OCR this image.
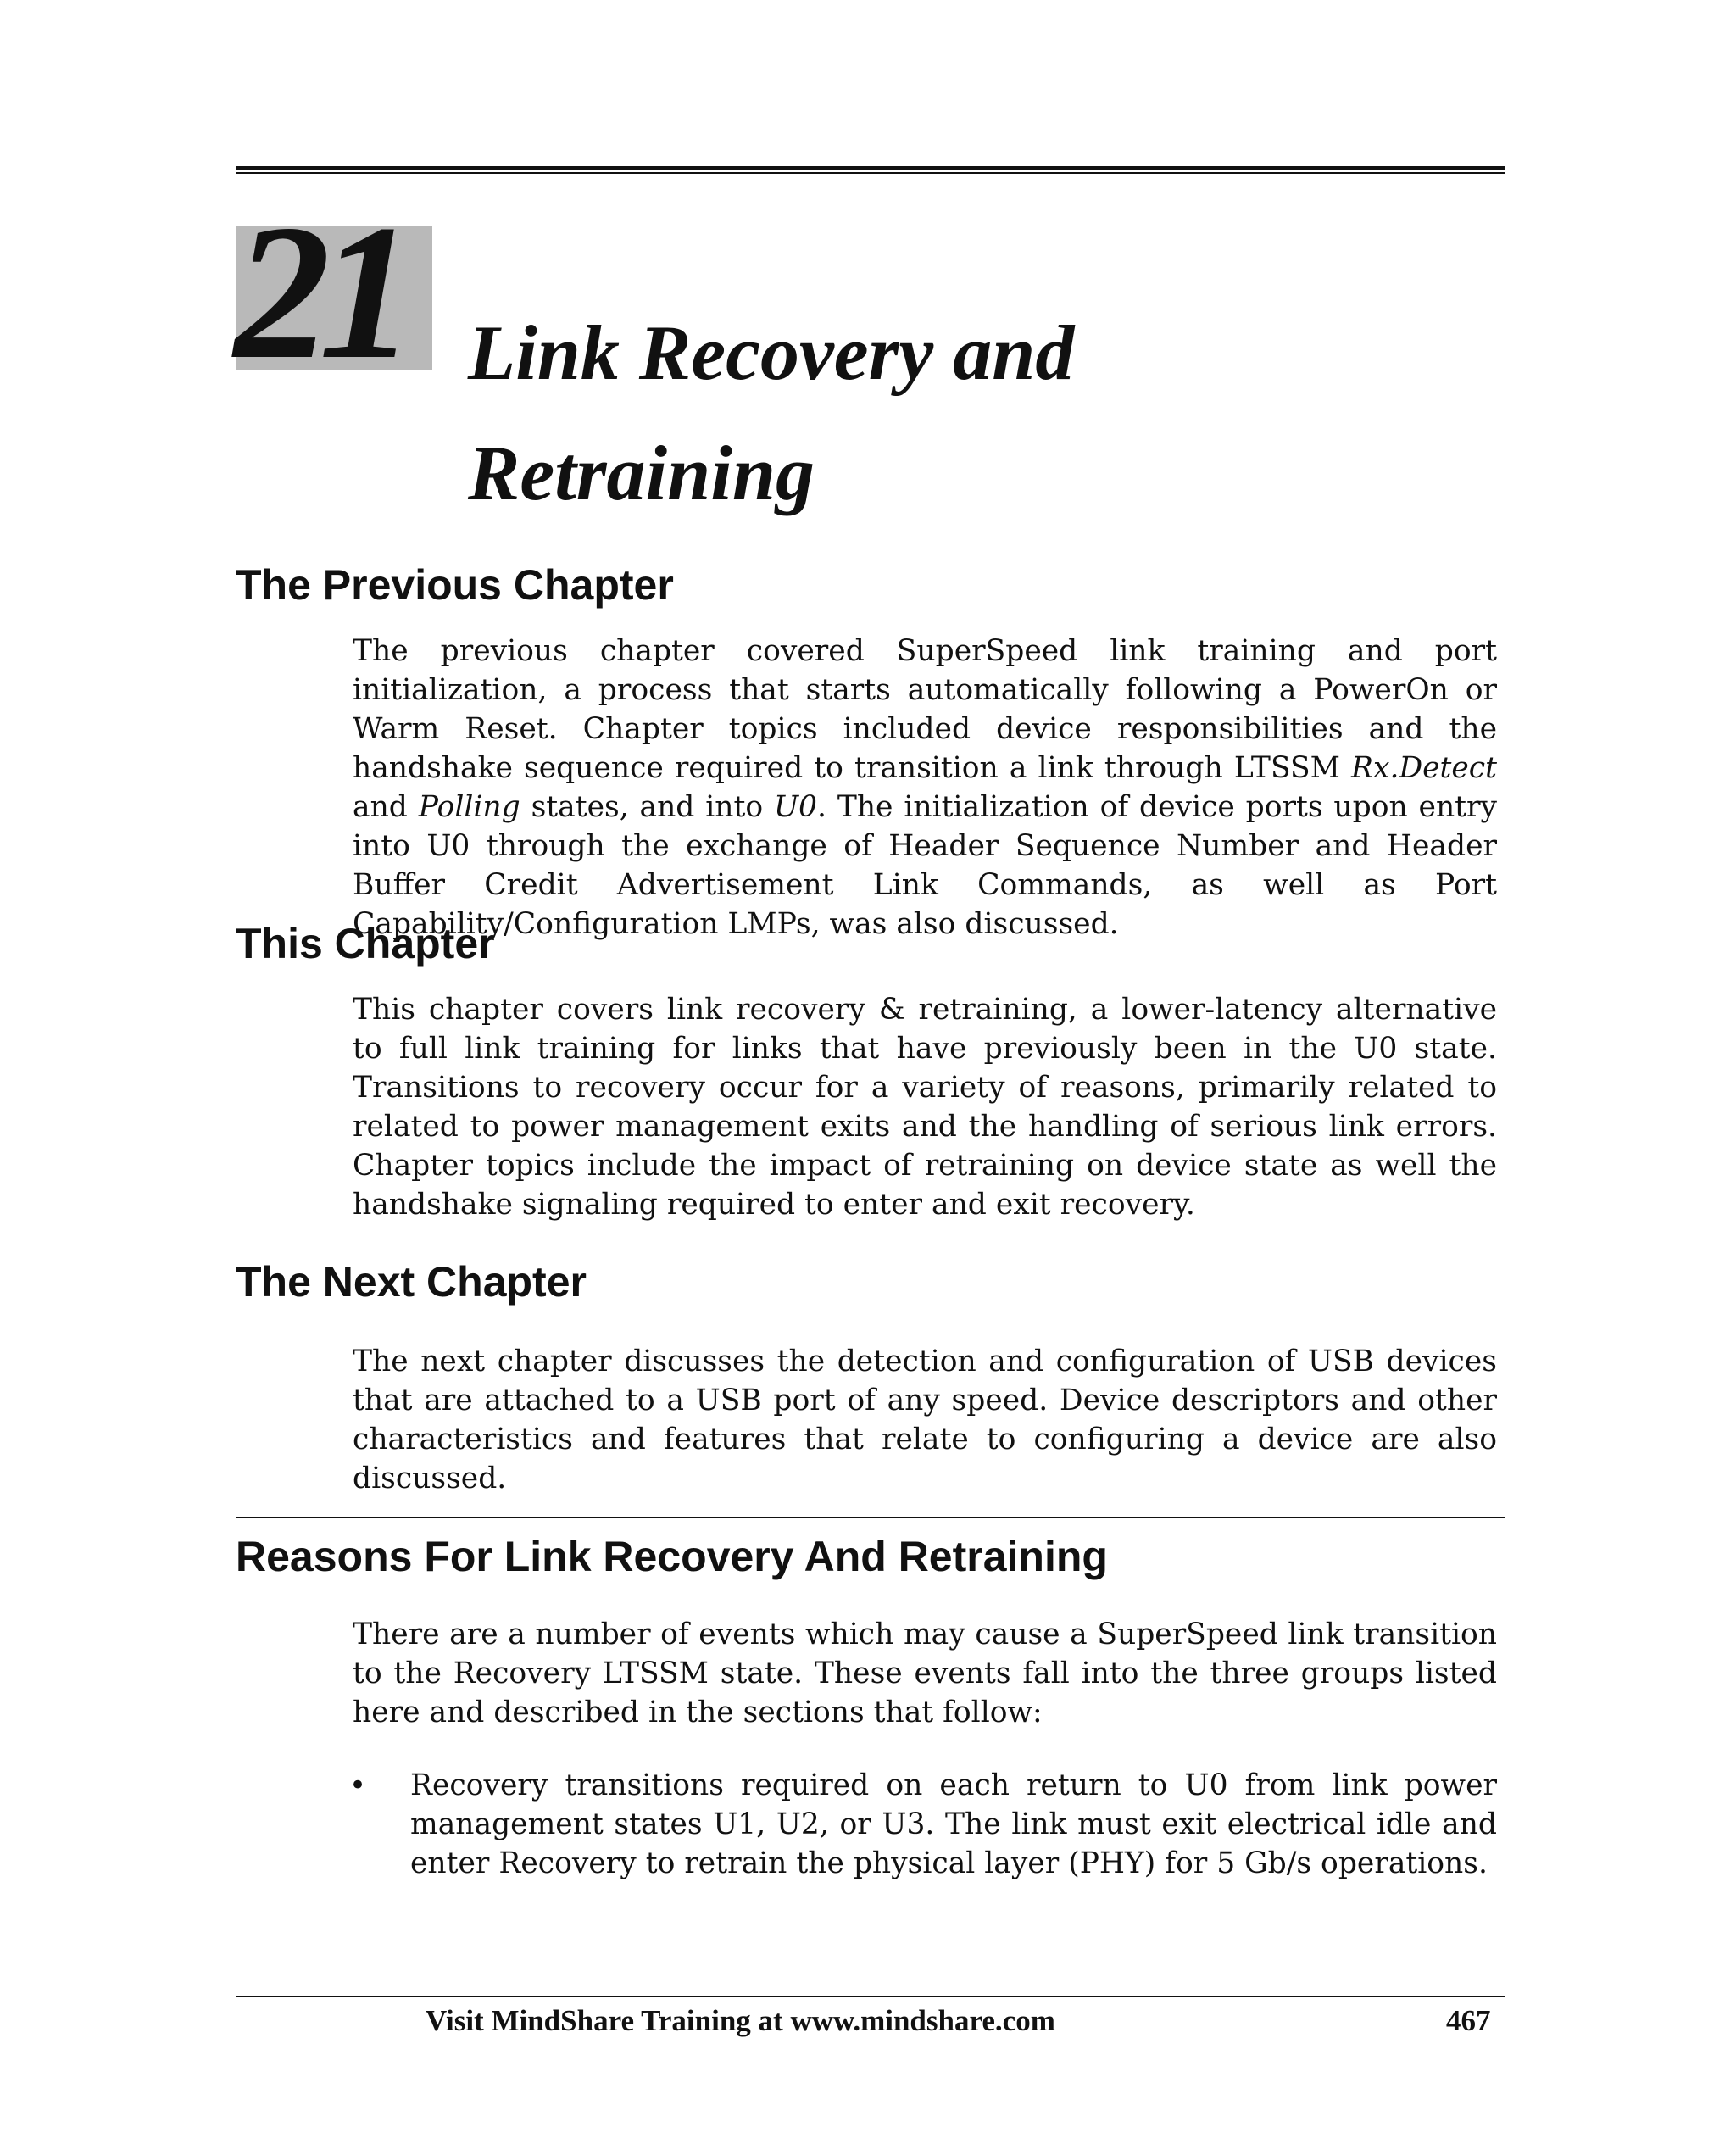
21 Link Recovery and
Retraining
The Previous Chapter
The previous chapter covered SuperSpeed link training and port initialization, a process that starts automatically following a PowerOn or Warm Reset. Chapter topics included device responsibilities and the handshake sequence required to transition a link through LTSSM Rx.Detect and Polling states, and into U0. The initialization of device ports upon entry into U0 through the exchange of Header Sequence Number and Header Buffer Credit Advertisement Link Commands, as well as Port Capability/Configuration LMPs, was also discussed.
This Chapter
This chapter covers link recovery & retraining, a lower-latency alternative to full link training for links that have previously been in the U0 state. Transitions to recovery occur for a variety of reasons, primarily related to related to power management exits and the handling of serious link errors. Chapter topics include the impact of retraining on device state as well the handshake signaling required to enter and exit recovery.
The Next Chapter
The next chapter discusses the detection and configuration of USB devices that are attached to a USB port of any speed. Device descriptors and other characteristics and features that relate to configuring a device are also discussed.
Reasons For Link Recovery And Retraining
There are a number of events which may cause a SuperSpeed link transition to the Recovery LTSSM state. These events fall into the three groups listed here and described in the sections that follow:
• Recovery transitions required on each return to U0 from link power management states U1, U2, or U3. The link must exit electrical idle and enter Recovery to retrain the physical layer (PHY) for 5 Gb/s operations.
Visit MindShare Training at www.mindshare.com	467
